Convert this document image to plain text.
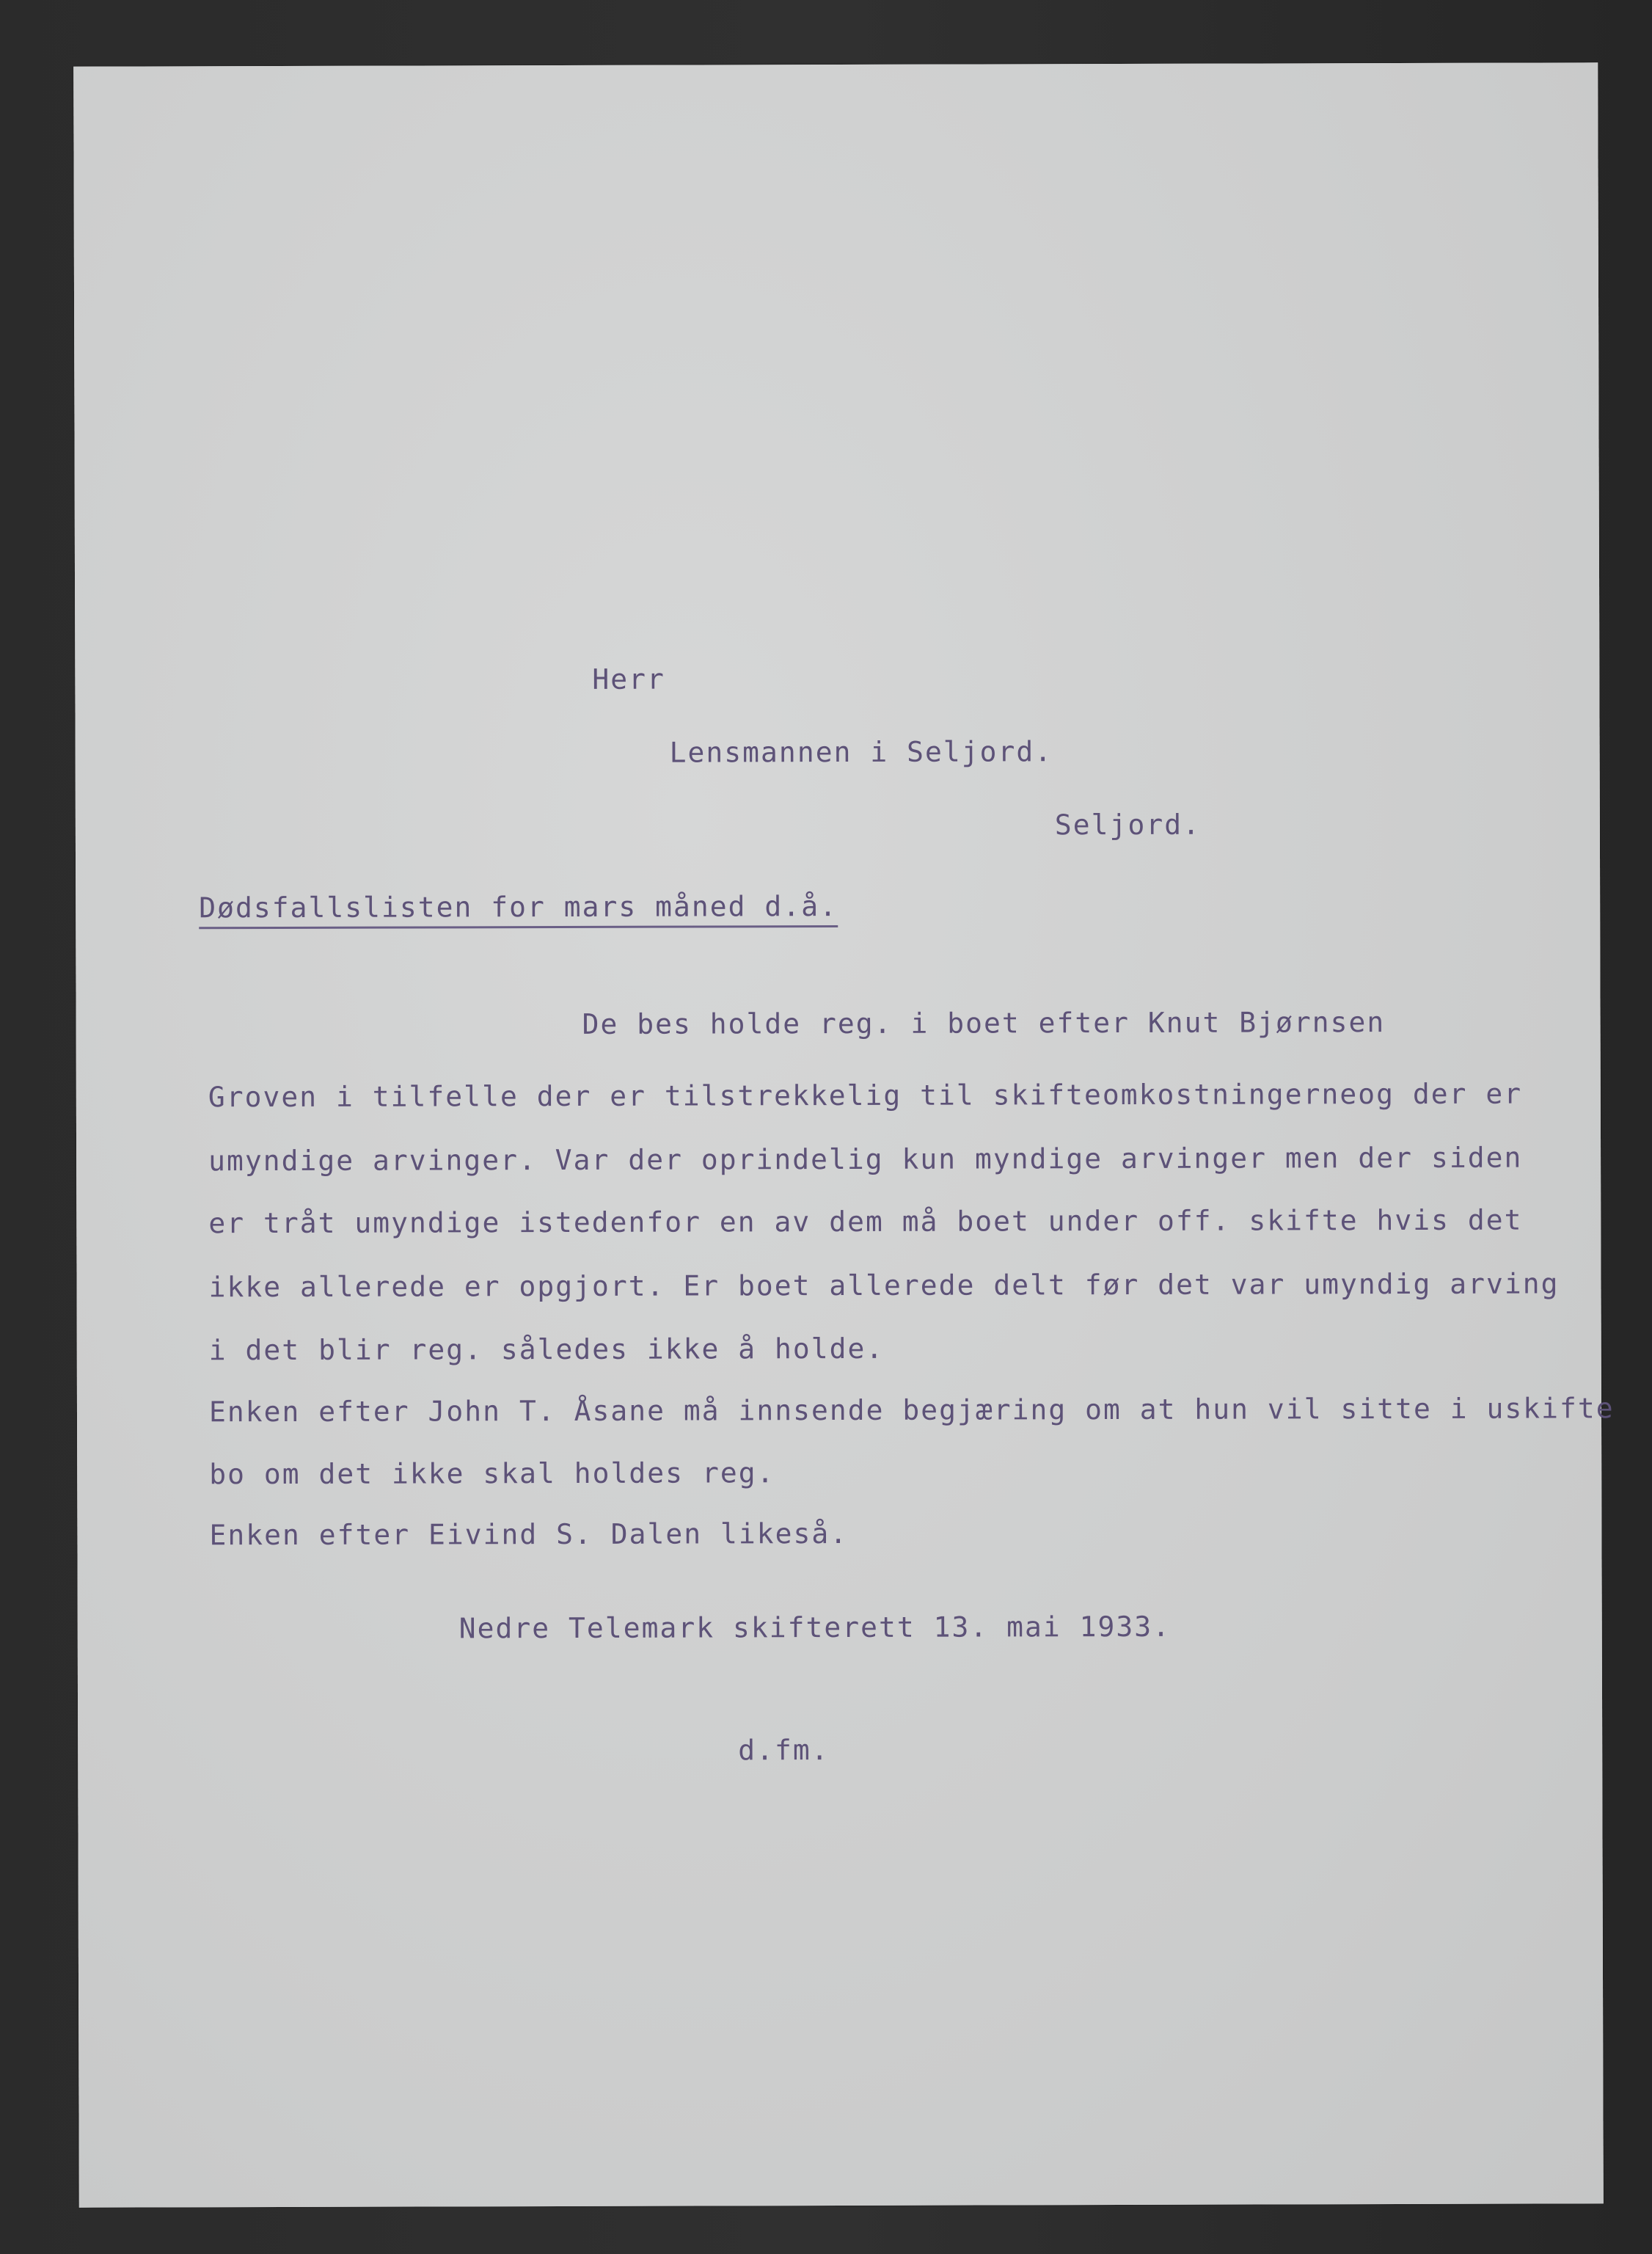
Herr
Lensmannen i Seljord.
Seljord.
Dødsfallslisten for mars måned d.å.
De bes holde reg. i boet efter Knut Bjørnsen
Groven i tilfelle der er tilstrekkelig til skifteomkostningerneog der er
umyndige arvinger. Var der oprindelig kun myndige arvinger men der siden
er tråt umyndige istedenfor en av dem må boet under off. skifte hvis det
ikke allerede er opgjort. Er boet allerede delt før det var umyndig arving
i det blir reg. således ikke å holde.
Enken efter John T. Åsane må innsende begjæring om at hun vil sitte i uskifte
bo om det ikke skal holdes reg.
Enken efter Eivind S. Dalen likeså.
Nedre Telemark skifterett 13. mai 1933.
d.fm.
